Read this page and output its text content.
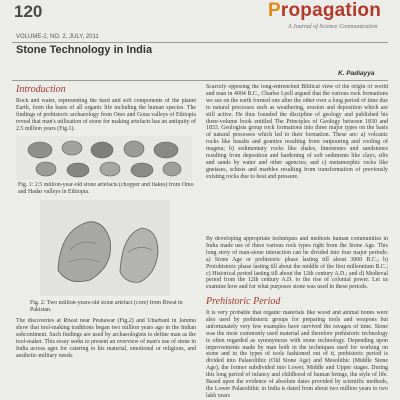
120	Propagation
A Journal of Science Communication
VOLUME-2, NO. 2, JULY, 2011
Stone Technology in India
K. Padiayya
Introduction
Rock and water, representing the hard and soft components of the planet Earth, form the basis of all organic life including the human species. The findings of prehistoric archaeology from Omo and Gona valleys of Ethiopia reveal that man's utilization of stone for making artefacts has an antiquity of 2.5 million years (Fig.1).
Fig. 1: 2.5 million-year-old stone artefacts (chopper and flakes) from Omo and Hadar valleys in Ethiopia.
Fig. 2: Two million-years-old stone artefact (core) from Riwat in Pakistan.
The discoveries at Riwat near Peshawar (Fig.2) and Uttarbani in Jammu show that tool-making traditions began two million years ago in the Indian subcontinent. Such findings are used by archaeologists to define man as the tool-maker. This essay seeks to present an overview of man's use of stone in India across ages for catering to his material, emotional or religious, and aesthetic-military needs.
Scarcely opposing the long-entrenched Biblical view of the origin of world and man in 4004 B.C., Charles Lyell argued that the various rock formations we see on the earth formed one after the other over a long period of time due to natural processes such as weathering, erosion and deposition which are still active. He thus founded the discipline of geology and published his three-volume book entitled The Principles of Geology between 1830 and 1833. Geologists group rock formations into three major types on the basis of natural processes which led to their formation. These are: a) volcanic rocks like basalts and granites resulting from outpouring and cooling of magma; b) sedimentary rocks like shales, limestones and sandstones resulting from deposition and hardening of soft sediments like clays, silts and sands by water and other agencies; and c) metamorphic rocks like gneisses, schists and marbles resulting from transformation of previously existing rocks due to heat and pressure.
By developing appropriate techniques and methods human communities in India made use of these various rock types right from the Stone Age. This long story of man-stone interaction can be divided into four major periods: a) Stone Age or prehistoric phase lasting till about 3000 B.C.; b) Protohistoric phase lasting till about the middle of the first millennium B.C.; c) Historical period lasting till about the 12th century A.D.; and d) Medieval period from the 12th century A.D. to the rise of colonial power. Let us examine how and for what purposes stone was used in these periods.
Prehistoric Period
It is very probable that organic materials like wood and animal bones were also used by prehistoric groups for preparing tools and weapons but unfortunately very few examples have survived the ravages of time. Stone was the most commonly used material and therefore prehistoric technology is often regarded as synonymous with stone technology. Depending upon improvements made by man both in the techniques used for working on stone and in the types of tools fashioned out of it, prehistoric period is divided into Palaeolithic (Old Stone Age) and Mesolithic (Middle Stone Age), the former subdivided into Lower, Middle and Upper stages. During this long period of infancy and childhood of human beings, the style of life. Based upon the evidence of absolute dates provided by scientific methods, the Lower Palaeolithic in India is dated from about two million years to two lakh years
